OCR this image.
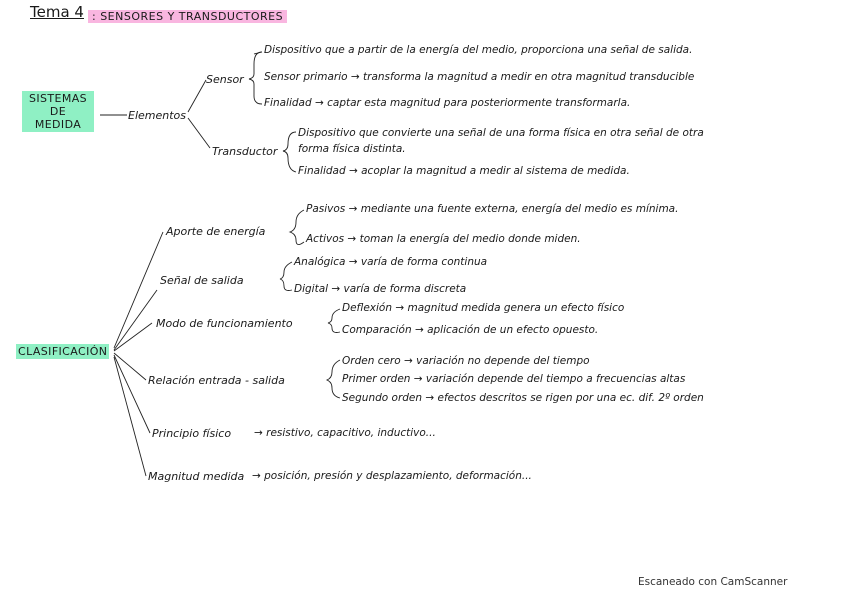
Tema 4 : SENSORES Y TRANSDUCTORES
SISTEMAS
DE
MEDIDA
Elementos
Sensor
Dispositivo que a partir de la energía del medio, proporciona una señal de salida.
Sensor primario → transforma la magnitud a medir en otra magnitud transducible
Finalidad → captar esta magnitud para posteriormente transformarla.
Transductor
Dispositivo que convierte una señal de una forma física en otra señal de otra
forma física distinta.
Finalidad → acoplar la magnitud a medir al sistema de medida.
CLASIFICACIÓN
Aporte de energía
Pasivos → mediante una fuente externa, energía del medio es mínima.
Activos → toman la energía del medio donde miden.
Señal de salida
Analógica → varía de forma continua
Digital → varía de forma discreta
Modo de funcionamiento
Deflexión → magnitud medida genera un efecto físico
Comparación → aplicación de un efecto opuesto.
Relación entrada - salida
Orden cero → variación no depende del tiempo
Primer orden → variación depende del tiempo a frecuencias altas
Segundo orden → efectos descritos se rigen por una ec. dif. 2º orden
Principio físico → resistivo, capacitivo, inductivo...
Magnitud medida → posición, presión y desplazamiento, deformación...
Escaneado con CamScanner
